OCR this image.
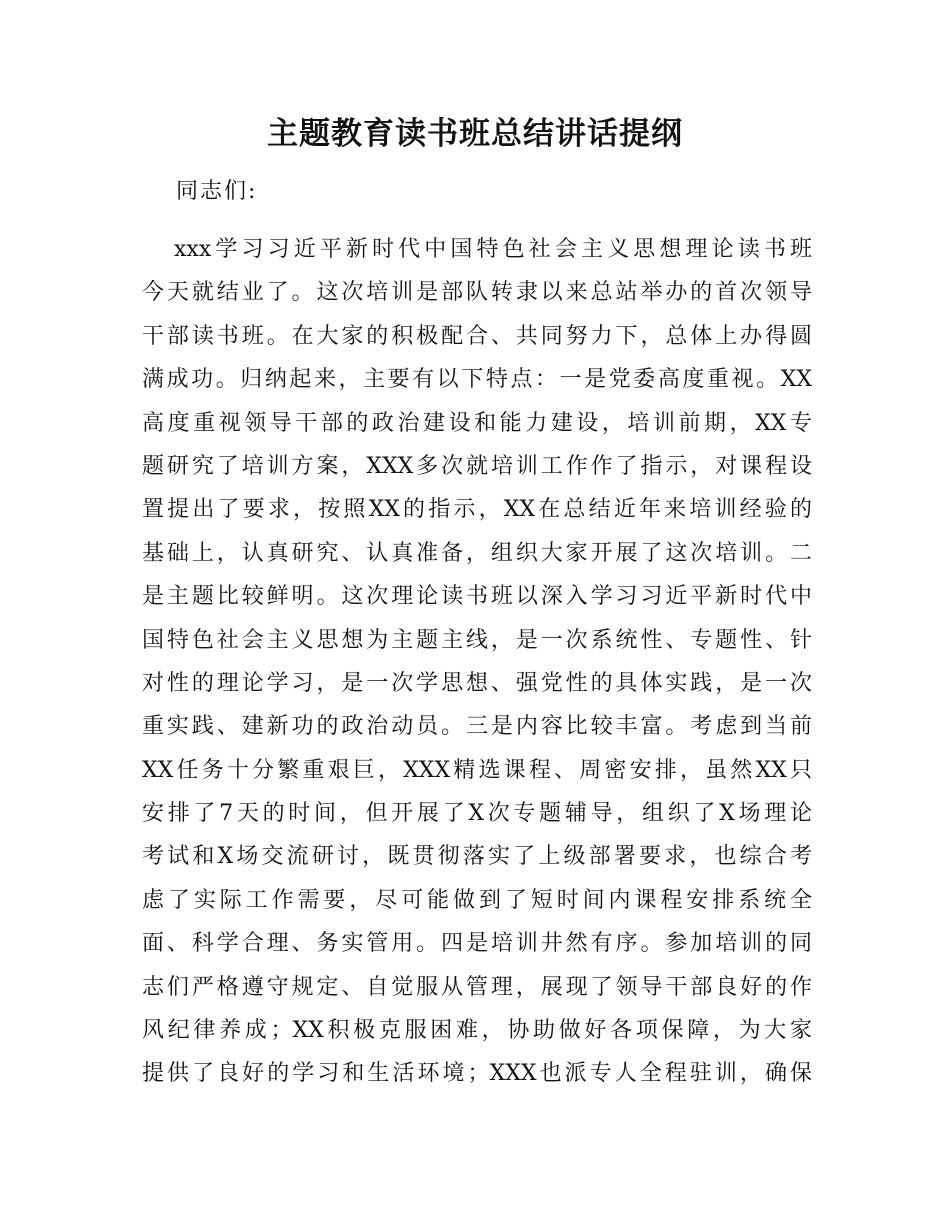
主题教育读书班总结讲话提纲
同志们:
xxx学习习近平新时代中国特色社会主义思想理论读书班
今天就结业了。这次培训是部队转隶以来总站举办的首次领导
干部读书班。在大家的积极配合、共同努力下，总体上办得圆
满成功。归纳起来，主要有以下特点：一是党委高度重视。XX
高度重视领导干部的政治建设和能力建设，培训前期，XX专
题研究了培训方案，XXX多次就培训工作作了指示，对课程设
置提出了要求，按照XX的指示，XX在总结近年来培训经验的
基础上，认真研究、认真准备，组织大家开展了这次培训。二
是主题比较鲜明。这次理论读书班以深入学习习近平新时代中
国特色社会主义思想为主题主线，是一次系统性、专题性、针
对性的理论学习，是一次学思想、强党性的具体实践，是一次
重实践、建新功的政治动员。三是内容比较丰富。考虑到当前
XX任务十分繁重艰巨，XXX精选课程、周密安排，虽然XX只
安排了7天的时间，但开展了X次专题辅导，组织了X场理论
考试和X场交流研讨，既贯彻落实了上级部署要求，也综合考
虑了实际工作需要，尽可能做到了短时间内课程安排系统全
面、科学合理、务实管用。四是培训井然有序。参加培训的同
志们严格遵守规定、自觉服从管理，展现了领导干部良好的作
风纪律养成；XX积极克服困难，协助做好各项保障，为大家
提供了良好的学习和生活环境；XXX也派专人全程驻训，确保
